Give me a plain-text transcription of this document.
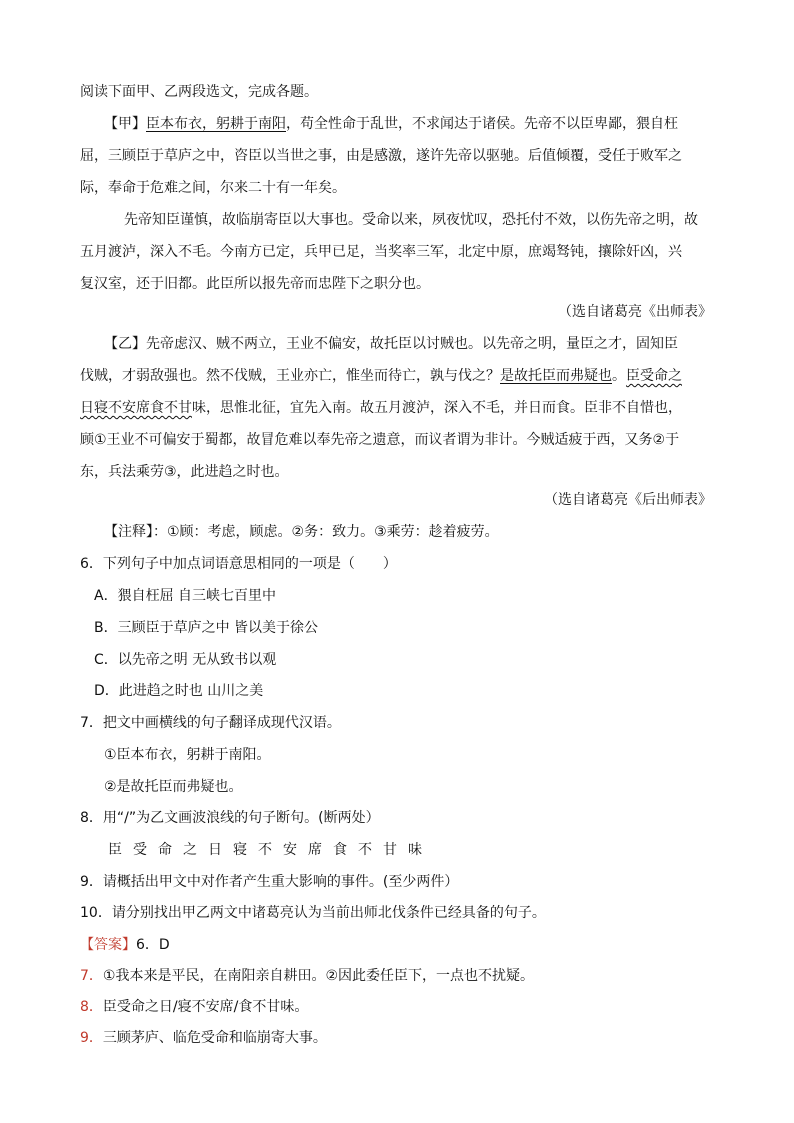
阅读下面甲、乙两段选文，完成各题。
【甲】臣本布衣，躬耕于南阳，苟全性命于乱世，不求闻达于诸侯。先帝不以臣卑鄙，猥自枉
屈，三顾臣于草庐之中，咨臣以当世之事，由是感激，遂许先帝以驱驰。后值倾覆，受任于败军之
际，奉命于危难之间，尔来二十有一年矣。
先帝知臣谨慎，故临崩寄臣以大事也。受命以来，夙夜忧叹，恐托付不效，以伤先帝之明，故
五月渡泸，深入不毛。今南方已定，兵甲已足，当奖率三军，北定中原，庶竭驽钝，攘除奸凶，兴
复汉室，还于旧都。此臣所以报先帝而忠陛下之职分也。
（选自诸葛亮《出师表》
【乙】先帝虑汉、贼不两立，王业不偏安，故托臣以讨贼也。以先帝之明，量臣之才，固知臣
伐贼，才弱敌强也。然不伐贼，王业亦亡，惟坐而待亡，孰与伐之？是故托臣而弗疑也。臣受命之
日寝不安席食不甘味，思惟北征，宜先入南。故五月渡泸，深入不毛，并日而食。臣非不自惜也，
顾①王业不可偏安于蜀都，故冒危难以奉先帝之遗意，而议者谓为非计。今贼适疲于西，又务②于
东，兵法乘劳③，此进趋之时也。
（选自诸葛亮《后出师表》
【注释】：①顾：考虑，顾虑。②务：致力。③乘劳：趁着疲劳。
6．下列句子中加点词语意思相同的一项是（　　）
A．猥自枉屈 自三峡七百里中
B．三顾臣于草庐之中 皆以美于徐公
C．以先帝之明 无从致书以观
D．此进趋之时也 山川之美
7．把文中画横线的句子翻译成现代汉语。
①臣本布衣，躬耕于南阳。
②是故托臣而弗疑也。
8．用“/”为乙文画波浪线的句子断句。(断两处）
臣受命之日寝不安席食不甘味
9．请概括出甲文中对作者产生重大影响的事件。(至少两件）
10．请分别找出甲乙两文中诸葛亮认为当前出师北伐条件已经具备的句子。
【答案】6．D
7．①我本来是平民，在南阳亲自耕田。②因此委任臣下，一点也不扰疑。
8．臣受命之日/寝不安席/食不甘味。
9．三顾茅庐、临危受命和临崩寄大事。
